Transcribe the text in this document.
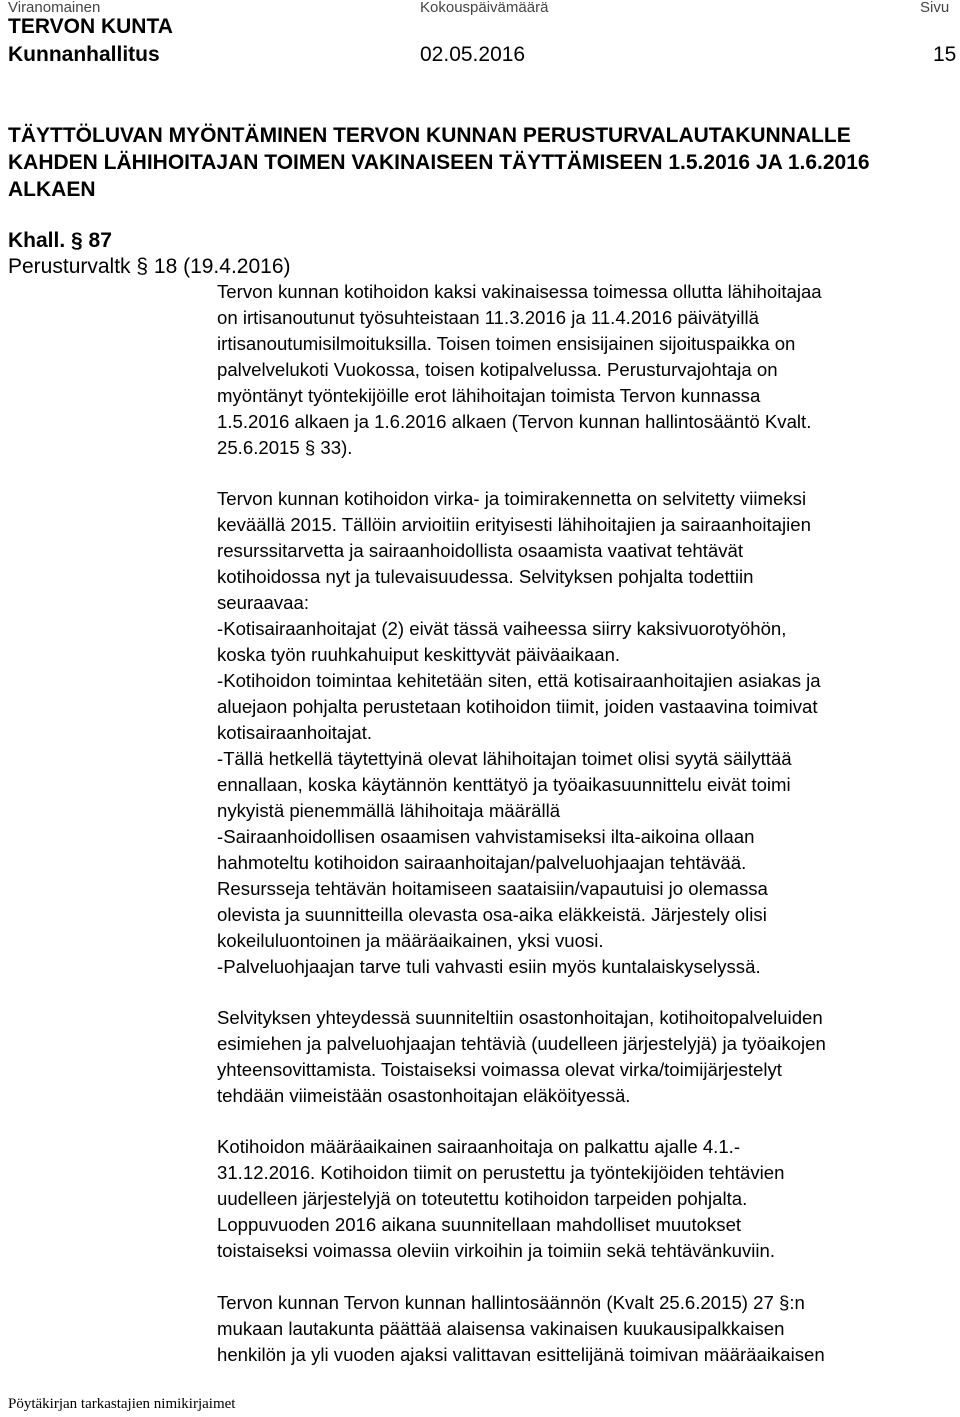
Viranomainen	Kokouspäivämäärä	Sivu
TERVON KUNTA
Kunnanhallitus	02.05.2016	15
TÄYTTÖLUVAN MYÖNTÄMINEN TERVON KUNNAN PERUSTURVALAUTAKUNNALLE
KAHDEN LÄHIHOITAJAN TOIMEN VAKINAISEEN TÄYTTÄMISEEN 1.5.2016 JA 1.6.2016
ALKAEN
Khall. § 87
Perusturvaltk § 18 (19.4.2016)
Tervon kunnan kotihoidon kaksi vakinaisessa toimessa ollutta lähihoitajaa
on irtisanoutunut työsuhteistaan 11.3.2016 ja 11.4.2016 päivätyillä
irtisanoutumisilmoituksilla. Toisen toimen ensisijainen sijoituspaikka on
palvelvelukoti Vuokossa, toisen kotipalvelussa. Perusturvajohtaja on
myöntänyt työntekijöille erot lähihoitajan toimista Tervon kunnassa
1.5.2016 alkaen ja 1.6.2016 alkaen (Tervon kunnan hallintosääntö Kvalt.
25.6.2015 § 33).
Tervon kunnan kotihoidon virka- ja toimirakennetta on selvitetty viimeksi
keväällä 2015. Tällöin arvioitiin erityisesti lähihoitajien ja sairaanhoitajien
resurssitarvetta ja sairaanhoidollista osaamista vaativat tehtävät
kotihoidossa nyt ja tulevaisuudessa. Selvityksen pohjalta todettiin
seuraavaa:
-Kotisairaanhoitajat (2) eivät tässä vaiheessa siirry kaksivuorotyöhön,
koska työn ruuhkahuiput keskittyvät päiväaikaan.
-Kotihoidon toimintaa kehitetään siten, että kotisairaanhoitajien asiakas ja
aluejaon pohjalta perustetaan kotihoidon tiimit, joiden vastaavina toimivat
kotisairaanhoitajat.
-Tällä hetkellä täytettyinä olevat lähihoitajan toimet olisi syytä säilyttää
ennallaan, koska käytännön kenttätyö ja työaikasuunnittelu eivät toimi
nykyistä pienemmällä lähihoitaja määrällä
-Sairaanhoidollisen osaamisen vahvistamiseksi ilta-aikoina ollaan
hahmoteltu kotihoidon sairaanhoitajan/palveluohjaajan tehtävää.
Resursseja tehtävän hoitamiseen saataisiin/vapautuisi jo olemassa
olevista ja suunnitteilla olevasta osa-aika eläkkeistä. Järjestely olisi
kokeiluluontoinen ja määräaikainen, yksi vuosi.
-Palveluohjaajan tarve tuli vahvasti esiin myös kuntalaiskyselyssä.
Selvityksen yhteydessä suunniteltiin osastonhoitajan, kotihoitopalveluiden
esimiehen ja palveluohjaajan tehtävià (uudelleen järjestelyjä) ja työaikojen
yhteensovittamista. Toistaiseksi voimassa olevat virka/toimijärjestelyt
tehdään viimeistään osastonhoitajan eläköityessä.
Kotihoidon määräaikainen sairaanhoitaja on palkattu ajalle 4.1.-
31.12.2016. Kotihoidon tiimit on perustettu ja työntekijöiden tehtävien
uudelleen järjestelyjä on toteutettu kotihoidon tarpeiden pohjalta.
Loppuvuoden 2016 aikana suunnitellaan mahdolliset muutokset
toistaiseksi voimassa oleviin virkoihin ja toimiin sekä tehtävänkuviin.
Tervon kunnan Tervon kunnan hallintosäännön (Kvalt 25.6.2015) 27 §:n
mukaan lautakunta päättää alaisensa vakinaisen kuukausipalkkaisen
henkilön ja yli vuoden ajaksi valittavan esittelijänä toimivan määräaikaisen
Pöytäkirjan tarkastajien nimikirjaimet
